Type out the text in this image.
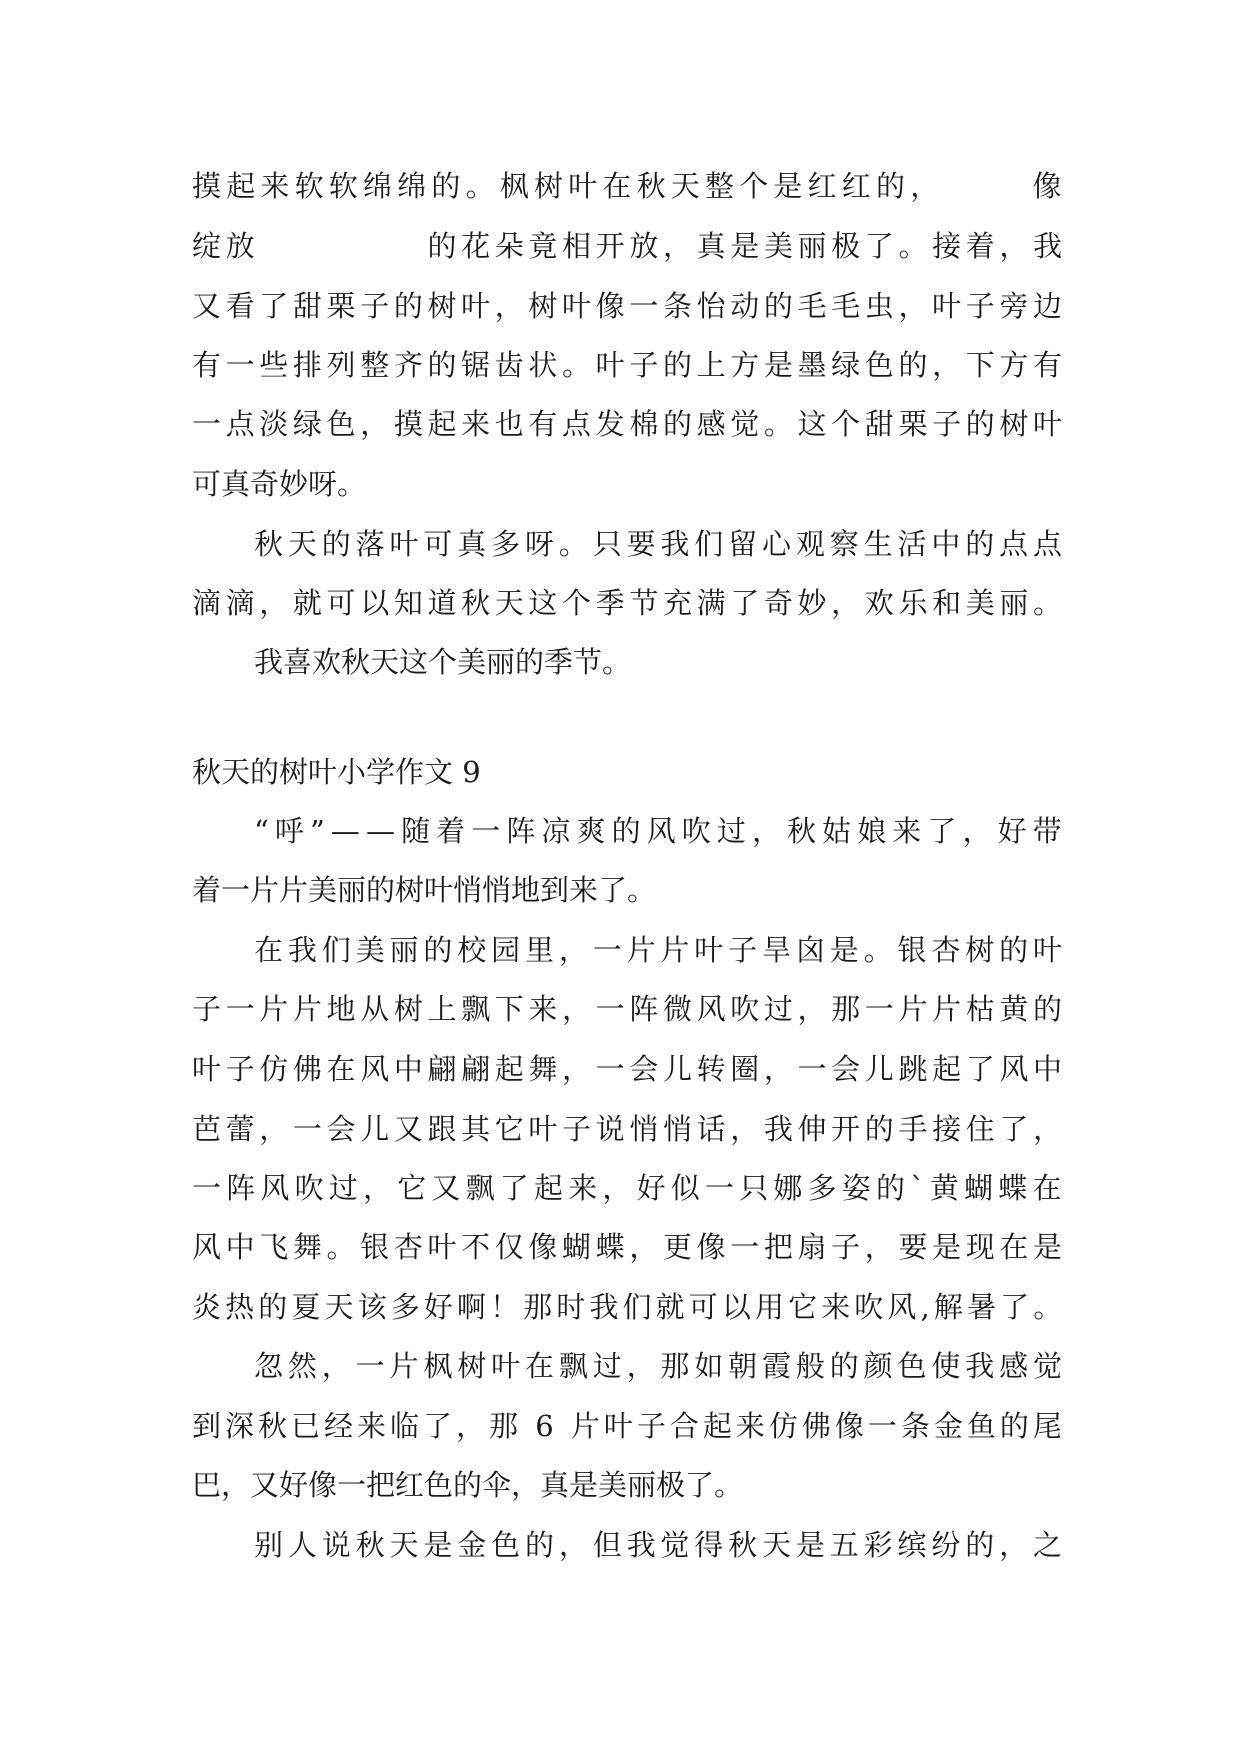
摸起来软软绵绵的。枫树叶在秋天整个是红红的，　　　像

绽放　　　　　的花朵竟相开放，真是美丽极了。接着，我

又看了甜栗子的树叶，树叶像一条怡动的毛毛虫，叶子旁边

有一些排列整齐的锯齿状。叶子的上方是墨绿色的，下方有

一点淡绿色，摸起来也有点发棉的感觉。这个甜栗子的树叶

可真奇妙呀。

秋天的落叶可真多呀。只要我们留心观察生活中的点点

滴滴，就可以知道秋天这个季节充满了奇妙，欢乐和美丽。

我喜欢秋天这个美丽的季节。

秋天的树叶小学作文 9

“呼”——随着一阵凉爽的风吹过，秋姑娘来了，好带

着一片片美丽的树叶悄悄地到来了。

在我们美丽的校园里，一片片叶子旱囟是。银杏树的叶

子一片片地从树上飘下来，一阵微风吹过，那一片片枯黄的

叶子仿佛在风中翩翩起舞，一会儿转圈，一会儿跳起了风中

芭蕾，一会儿又跟其它叶子说悄悄话，我伸开的手接住了，

一阵风吹过，它又飘了起来，好似一只娜多姿的`黄蝴蝶在

风中飞舞。银杏叶不仅像蝴蝶，更像一把扇子，要是现在是

炎热的夏天该多好啊！那时我们就可以用它来吹风,解暑了。

忽然，一片枫树叶在飘过，那如朝霞般的颜色使我感觉

到深秋已经来临了，那 6 片叶子合起来仿佛像一条金鱼的尾

巴，又好像一把红色的伞，真是美丽极了。

别人说秋天是金色的，但我觉得秋天是五彩缤纷的，之
